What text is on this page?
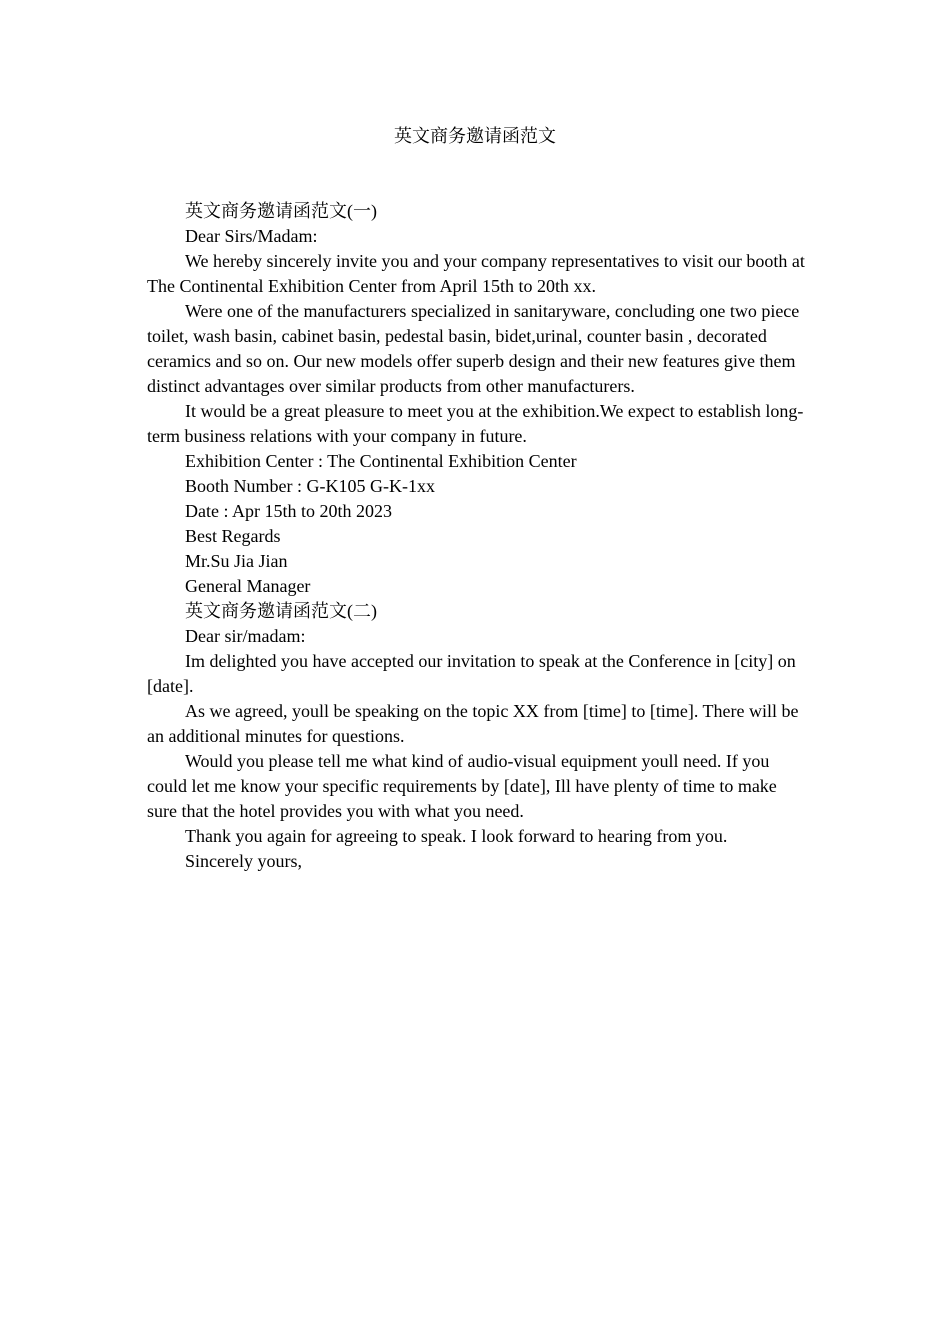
英文商务邀请函范文

英文商务邀请函范文(一)

Dear Sirs/Madam:

We hereby sincerely invite you and your company representatives to visit our booth at The Continental Exhibition Center from April 15th to 20th xx.

Were one of the manufacturers specialized in sanitaryware, concluding one two piece toilet, wash basin, cabinet basin, pedestal basin, bidet,urinal, counter basin , decorated ceramics and so on. Our new models offer superb design and their new features give them distinct advantages over similar products from other manufacturers.

It would be a great pleasure to meet you at the exhibition.We expect to establish long-term business relations with your company in future.

Exhibition Center : The Continental Exhibition Center

Booth Number : G-K105 G-K-1xx

Date : Apr 15th to 20th 2023

Best Regards

Mr.Su Jia Jian

General Manager

英文商务邀请函范文(二)

Dear sir/madam:

Im delighted you have accepted our invitation to speak at the Conference in [city] on [date].

As we agreed, youll be speaking on the topic XX from [time] to [time]. There will be an additional minutes for questions.

Would you please tell me what kind of audio-visual equipment youll need. If you could let me know your specific requirements by [date], Ill have plenty of time to make sure that the hotel provides you with what you need.

Thank you again for agreeing to speak. I look forward to hearing from you.

Sincerely yours,
